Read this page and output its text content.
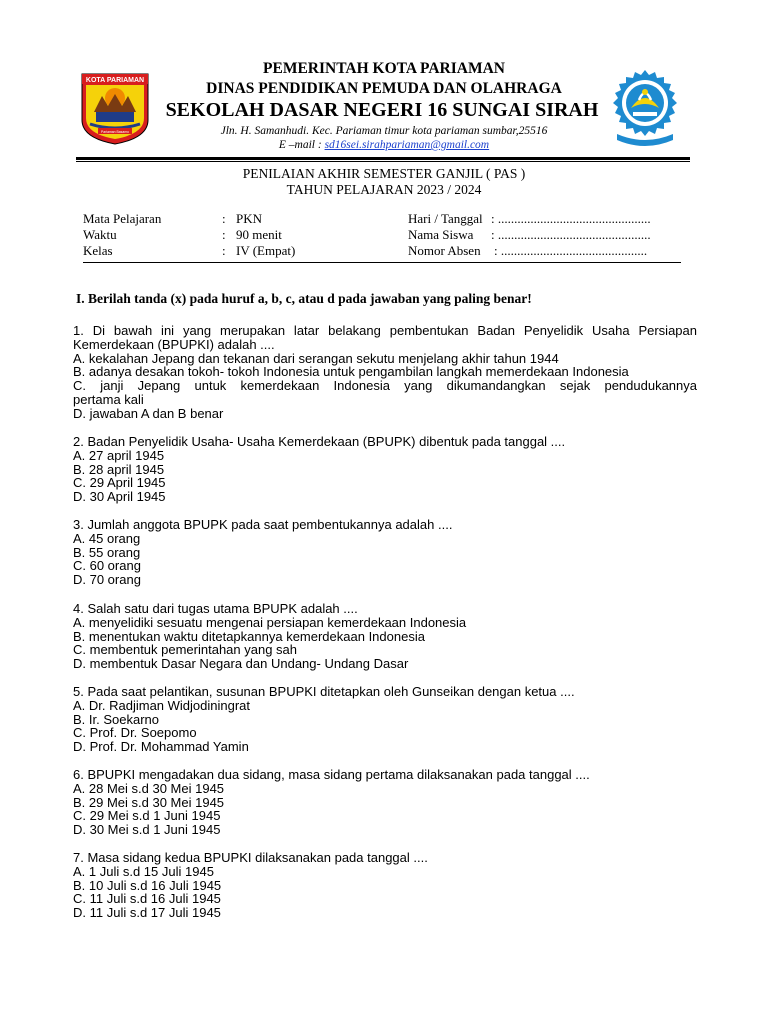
KOTA PARIAMAN
Pariaman Basamo
PEMERINTAH KOTA PARIAMAN
DINAS PENDIDIKAN PEMUDA DAN OLAHRAGA
SEKOLAH DASAR NEGERI 16 SUNGAI SIRAH
Jln. H. Samanhudi. Kec. Pariaman timur kota pariaman sumbar,25516
E –mail : sd16sei.sirahpariaman@gmail.com
PENILAIAN AKHIR SEMESTER GANJIL ( PAS )
TAHUN PELAJARAN 2023 / 2024
Mata Pelajaran	: PKN	Hari / Tanggal : ...............................................
Waktu	: 90 menit	Nama Siswa : ...............................................
Kelas	: IV (Empat)	Nomor Absen : .............................................
I. Berilah tanda (x) pada huruf a, b, c, atau d pada jawaban yang paling benar!

1. Di bawah ini yang merupakan latar belakang pembentukan Badan Penyelidik Usaha Persiapan

Kemerdekaan (BPUPKI) adalah ....

A. kekalahan Jepang dan tekanan dari serangan sekutu menjelang akhir tahun 1944

B. adanya desakan tokoh- tokoh Indonesia untuk pengambilan langkah memerdekaan Indonesia

C. janji Jepang untuk kemerdekaan Indonesia yang dikumandangkan sejak pendudukannya

pertama kali

D. jawaban A dan B benar

2. Badan Penyelidik Usaha- Usaha Kemerdekaan (BPUPK) dibentuk pada tanggal ....

A. 27 april 1945

B. 28 april 1945

C. 29 April 1945

D. 30 April 1945

3. Jumlah anggota BPUPK pada saat pembentukannya adalah ....

A. 45 orang

B. 55 orang

C. 60 orang

D. 70 orang

4. Salah satu dari tugas utama BPUPK adalah ....

A. menyelidiki sesuatu mengenai persiapan kemerdekaan Indonesia

B. menentukan waktu ditetapkannya kemerdekaan Indonesia

C. membentuk pemerintahan yang sah

D. membentuk Dasar Negara dan Undang- Undang Dasar

5. Pada saat pelantikan, susunan BPUPKI ditetapkan oleh Gunseikan dengan ketua ....

A. Dr. Radjiman Widjodiningrat

B. Ir. Soekarno

C. Prof. Dr. Soepomo

D. Prof. Dr. Mohammad Yamin

6. BPUPKI mengadakan dua sidang, masa sidang pertama dilaksanakan pada tanggal ....

A. 28 Mei s.d 30 Mei 1945

B. 29 Mei s.d 30 Mei 1945

C. 29 Mei s.d 1 Juni 1945

D. 30 Mei s.d 1 Juni 1945

7. Masa sidang kedua BPUPKI dilaksanakan pada tanggal ....

A. 1 Juli s.d 15 Juli 1945

B. 10 Juli s.d 16 Juli 1945

C. 11 Juli s.d 16 Juli 1945

D. 11 Juli s.d 17 Juli 1945
